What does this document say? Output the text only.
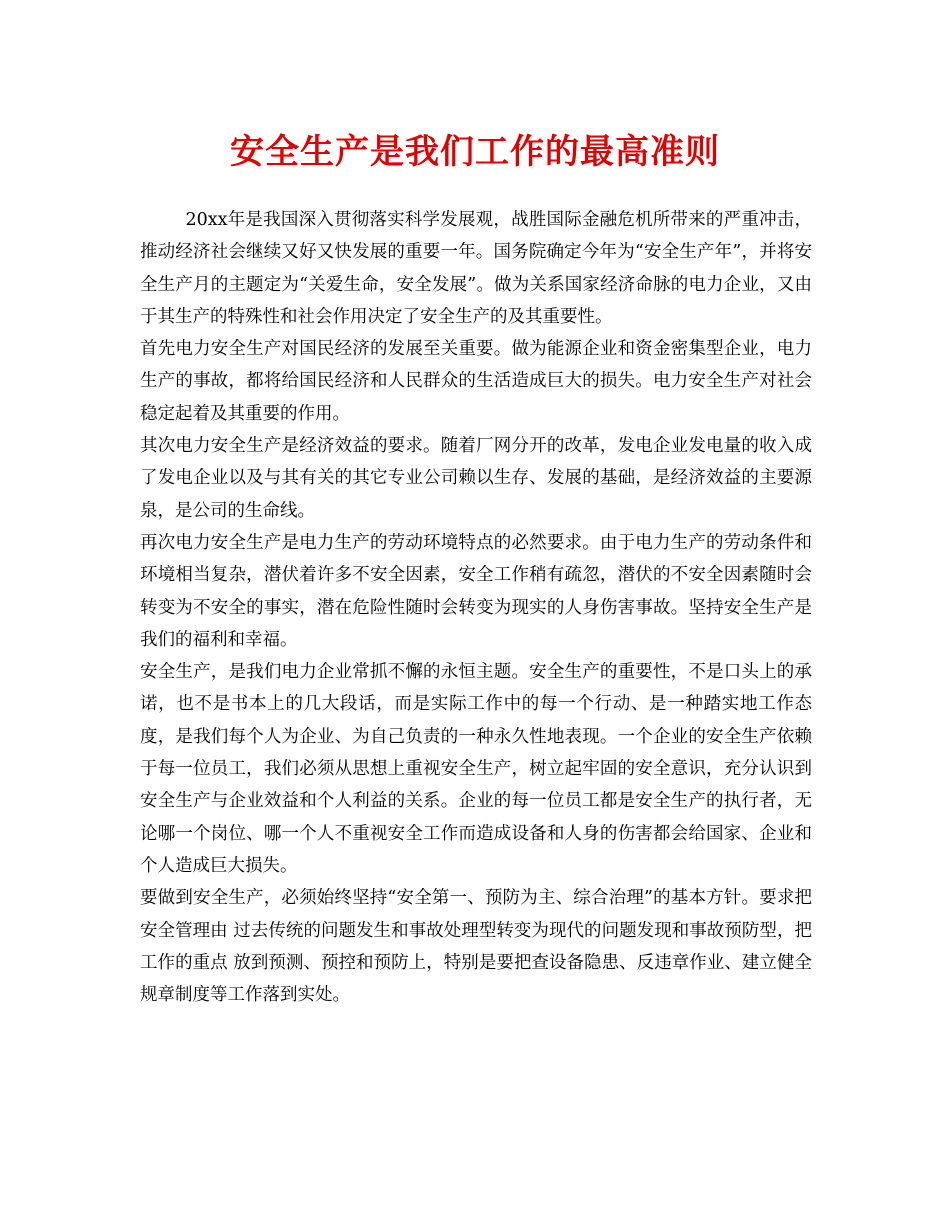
安全生产是我们工作的最高准则

20xx年是我国深入贯彻落实科学发展观，战胜国际金融危机所带来的严重冲击，推动经济社会继续又好又快发展的重要一年。国务院确定今年为“安全生产年”，并将安全生产月的主题定为“关爱生命，安全发展”。做为关系国家经济命脉的电力企业，又由于其生产的特殊性和社会作用决定了安全生产的及其重要性。

首先电力安全生产对国民经济的发展至关重要。做为能源企业和资金密集型企业，电力生产的事故，都将给国民经济和人民群众的生活造成巨大的损失。电力安全生产对社会稳定起着及其重要的作用。

其次电力安全生产是经济效益的要求。随着厂网分开的改革，发电企业发电量的收入成了发电企业以及与其有关的其它专业公司赖以生存、发展的基础，是经济效益的主要源泉，是公司的生命线。

再次电力安全生产是电力生产的劳动环境特点的必然要求。由于电力生产的劳动条件和环境相当复杂，潜伏着许多不安全因素，安全工作稍有疏忽，潜伏的不安全因素随时会转变为不安全的事实，潜在危险性随时会转变为现实的人身伤害事故。坚持安全生产是我们的福利和幸福。

安全生产，是我们电力企业常抓不懈的永恒主题。安全生产的重要性，不是口头上的承诺，也不是书本上的几大段话，而是实际工作中的每一个行动、是一种踏实地工作态度，是我们每个人为企业、为自己负责的一种永久性地表现。一个企业的安全生产依赖于每一位员工，我们必须从思想上重视安全生产，树立起牢固的安全意识，充分认识到安全生产与企业效益和个人利益的关系。企业的每一位员工都是安全生产的执行者，无论哪一个岗位、哪一个人不重视安全工作而造成设备和人身的伤害都会给国家、企业和个人造成巨大损失。

要做到安全生产，必须始终坚持“安全第一、预防为主、综合治理”的基本方针。要求把安全管理由 过去传统的问题发生和事故处理型转变为现代的问题发现和事故预防型，把工作的重点 放到预测、预控和预防上，特别是要把查设备隐患、反违章作业、建立健全规章制度等工作落到实处。
